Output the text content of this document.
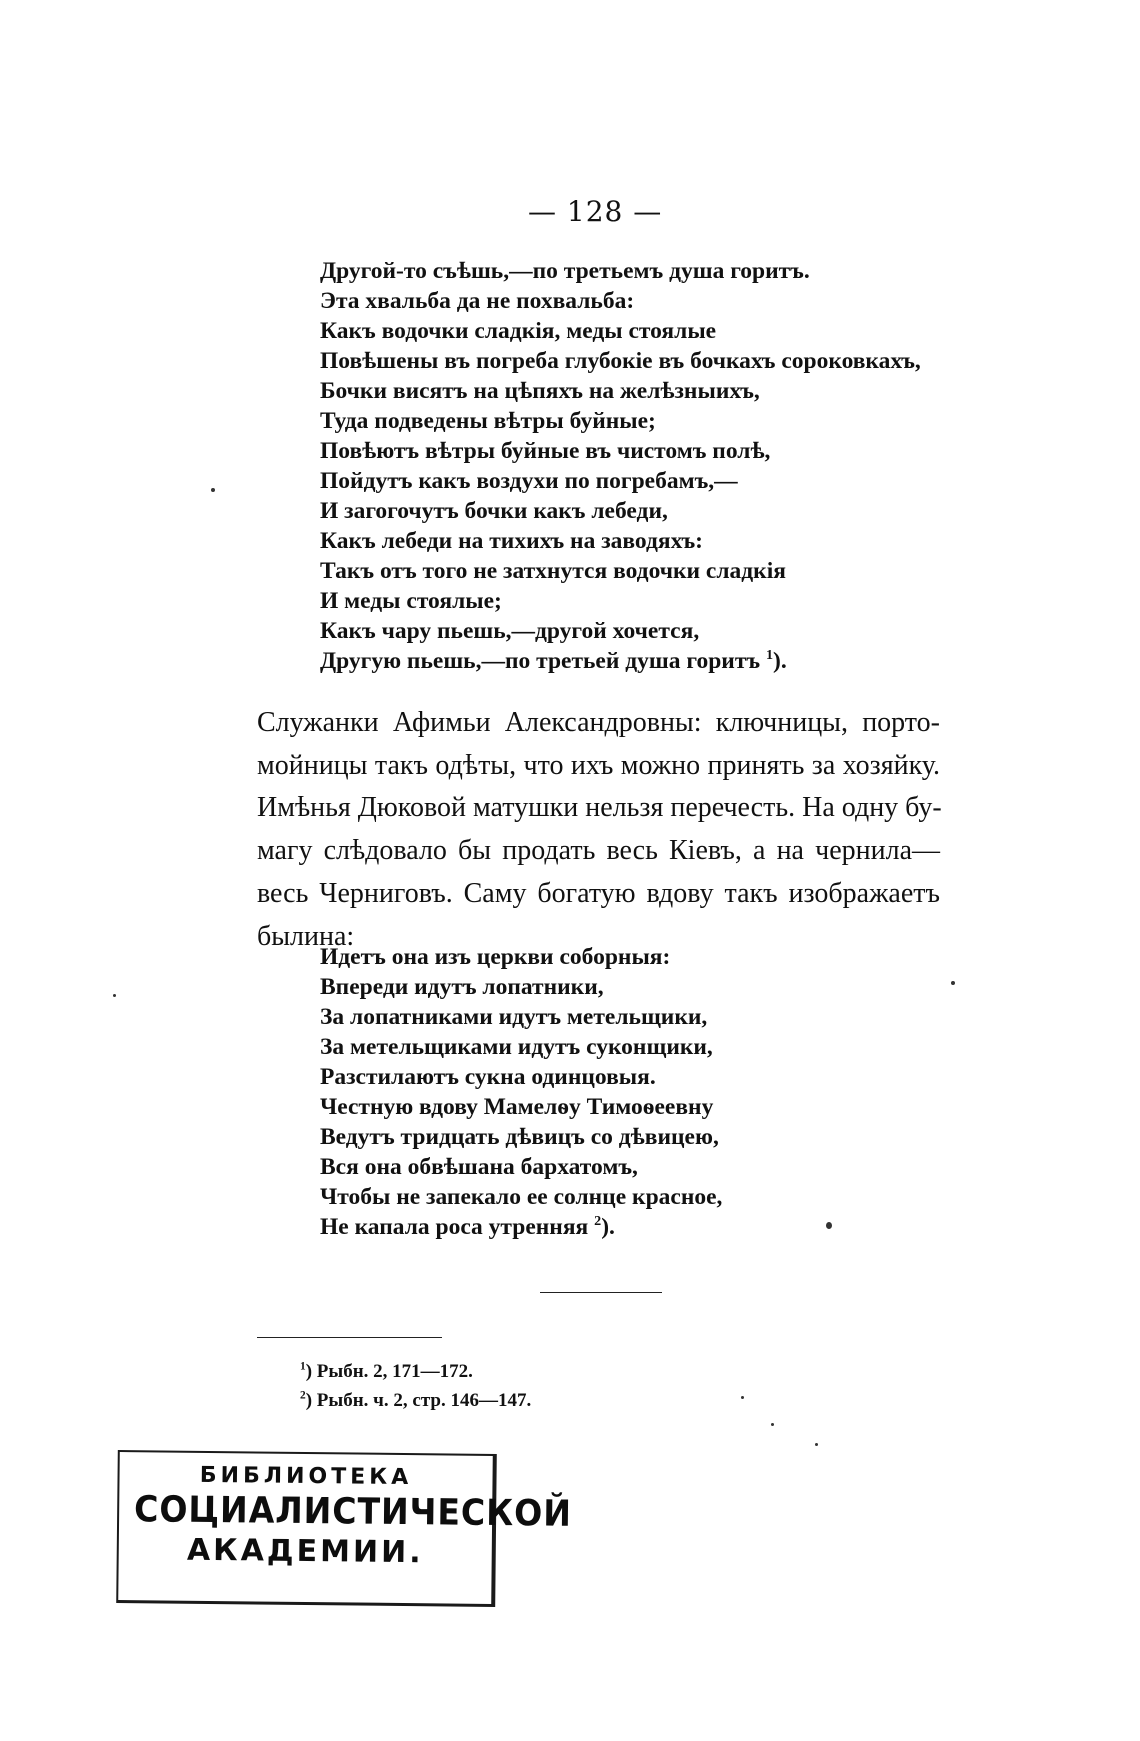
— 128 —
Другой-то съѣшь,—по третьемъ душа горитъ.
Эта хвальба да не похвальба:
Какъ водочки сладкія, меды стоялые
Повѣшены въ погреба глубокіе въ бочкахъ сороковкахъ,
Бочки висятъ на цѣпяхъ на желѣзныихъ,
Туда подведены вѣтры буйные;
Повѣютъ вѣтры буйные въ чистомъ полѣ,
Пойдутъ какъ воздухи по погребамъ,—
И загогочутъ бочки какъ лебеди,
Какъ лебеди на тихихъ на заводяхъ:
Такъ отъ того не затхнутся водочки сладкія
И меды стоялые;
Какъ чару пьешь,—другой хочется,
Другую пьешь,—по третьей душа горитъ $^1$).
Служанки Афимьи Александровны: ключницы, порто-
мойницы такъ одѣты, что ихъ можно принять за хозяйку.
Имѣнья Дюковой матушки нельзя перечесть. На одну бу-
магу слѣдовало бы продать весь Кіевъ, а на чернила—
весь Черниговъ. Саму богатую вдову такъ изображаетъ
былина:
Идетъ она изъ церкви соборныя:
Впереди идутъ лопатники,
За лопатниками идутъ метельщики,
За метельщиками идутъ суконщики,
Разстилаютъ сукна одинцовыя.
Честную вдову Мамелѳу Тимоѳеевну
Ведутъ тридцать дѣвицъ со дѣвицею,
Вся она обвѣшана бархатомъ,
Чтобы не запекало ее солнце красное,
Не капала роса утренняя $^2$).
$^1$) Рыбн. 2, 171—172.
$^2$) Рыбн. ч. 2, стр. 146—147.
БИБЛИОТЕКА
СОЦИАЛИСТИЧЕСКОЙ
АКАДЕМИИ.
